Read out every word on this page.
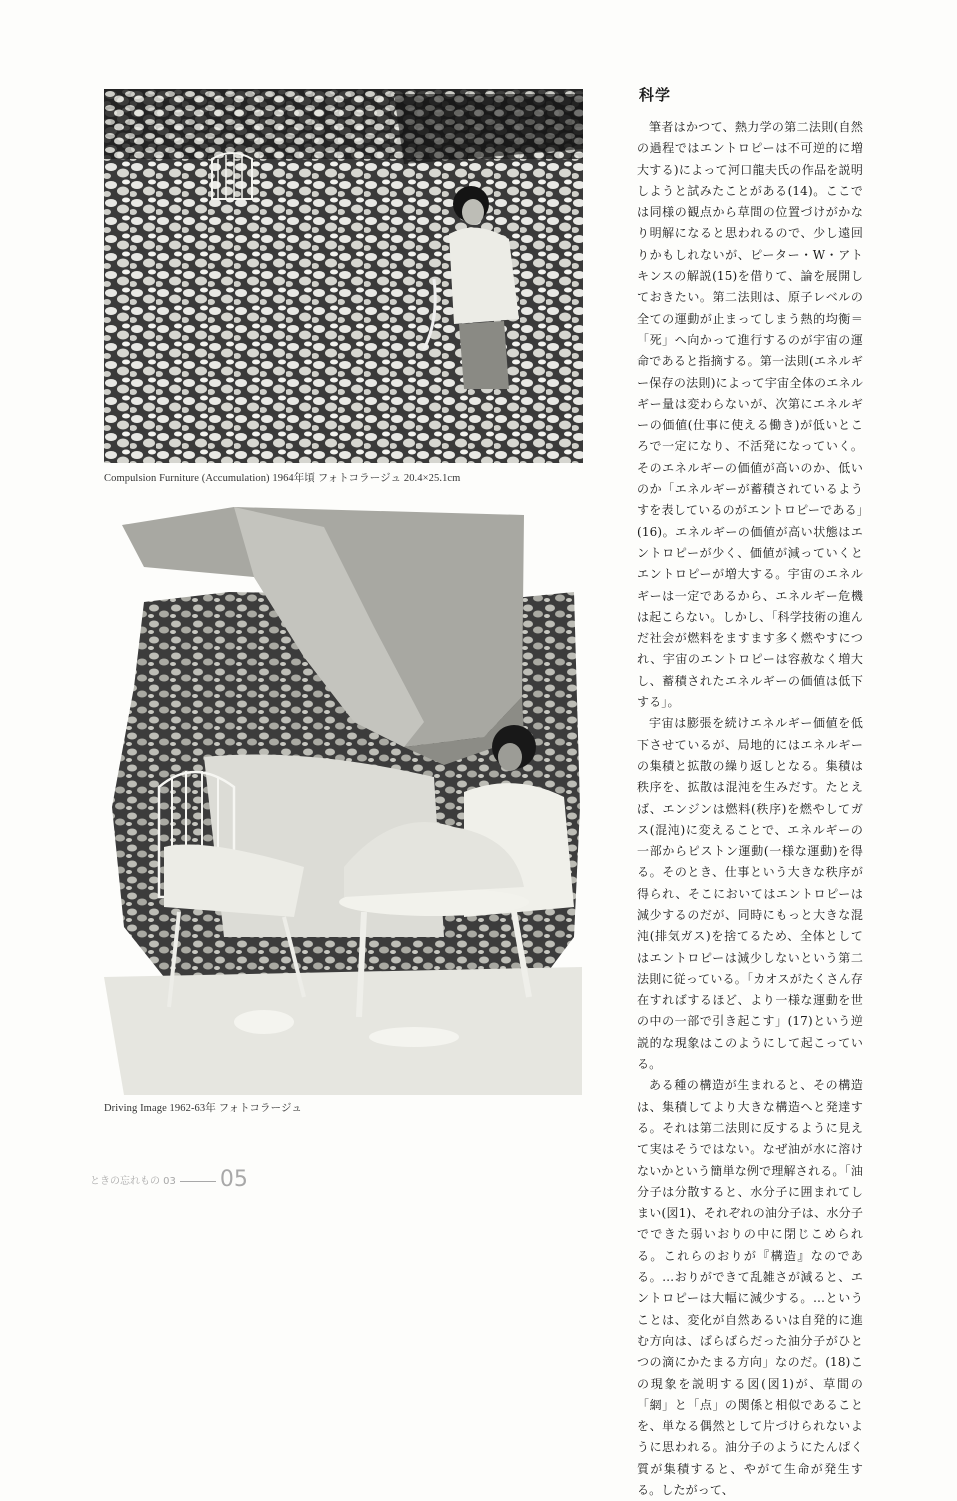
Compulsion Furniture (Accumulation) 1964年頃 フォトコラージュ 20.4×25.1cm
Driving Image 1962-63年 フォトコラージュ
科学

筆者はかつて、熱力学の第二法則(自然の過程ではエントロピーは不可逆的に増大する)によって河口龍夫氏の作品を説明しようと試みたことがある(14)。ここでは同様の観点から草間の位置づけがかなり明解になると思われるので、少し遠回りかもしれないが、ピーター・W・アトキンスの解説(15)を借りて、論を展開しておきたい。第二法則は、原子レベルの全ての運動が止まってしまう熱的均衡＝「死」へ向かって進行するのが宇宙の運命であると指摘する。第一法則(エネルギー保存の法則)によって宇宙全体のエネルギー量は変わらないが、次第にエネルギーの価値(仕事に使える働き)が低いところで一定になり、不活発になっていく。そのエネルギーの価値が高いのか、低いのか「エネルギーが蓄積されているようすを表しているのがエントロピーである」(16)。エネルギーの価値が高い状態はエントロピーが少く、価値が減っていくとエントロピーが増大する。宇宙のエネルギーは一定であるから、エネルギー危機は起こらない。しかし、「科学技術の進んだ社会が燃料をますます多く燃やすにつれ、宇宙のエントロピーは容赦なく増大し、蓄積されたエネルギーの価値は低下する」。

宇宙は膨張を続けエネルギー価値を低下させているが、局地的にはエネルギーの集積と拡散の繰り返しとなる。集積は秩序を、拡散は混沌を生みだす。たとえば、エンジンは燃料(秩序)を燃やしてガス(混沌)に変えることで、エネルギーの一部からピストン運動(一様な運動)を得る。そのとき、仕事という大きな秩序が得られ、そこにおいてはエントロピーは減少するのだが、同時にもっと大きな混沌(排気ガス)を捨てるため、全体としてはエントロピーは減少しないという第二法則に従っている。「カオスがたくさん存在すればするほど、より一様な運動を世の中の一部で引き起こす」(17)という逆説的な現象はこのようにして起こっている。

ある種の構造が生まれると、その構造は、集積してより大きな構造へと発達する。それは第二法則に反するように見えて実はそうではない。なぜ油が水に溶けないかという簡単な例で理解される。「油分子は分散すると、水分子に囲まれてしまい(図1)、それぞれの油分子は、水分子でできた弱いおりの中に閉じこめられる。これらのおりが『構造』なのである。…おりができて乱雑さが減ると、エントロピーは大幅に減少する。…ということは、変化が自然あるいは自発的に進む方向は、ばらばらだった油分子がひとつの滴にかたまる方向」なのだ。(18)この現象を説明する図(図1)が、草間の「網」と「点」の関係と相似であることを、単なる偶然として片づけられないように思われる。油分子のようにたんぱく質が集積すると、やがて生命が発生する。したがって、

ときの忘れもの 03 05
